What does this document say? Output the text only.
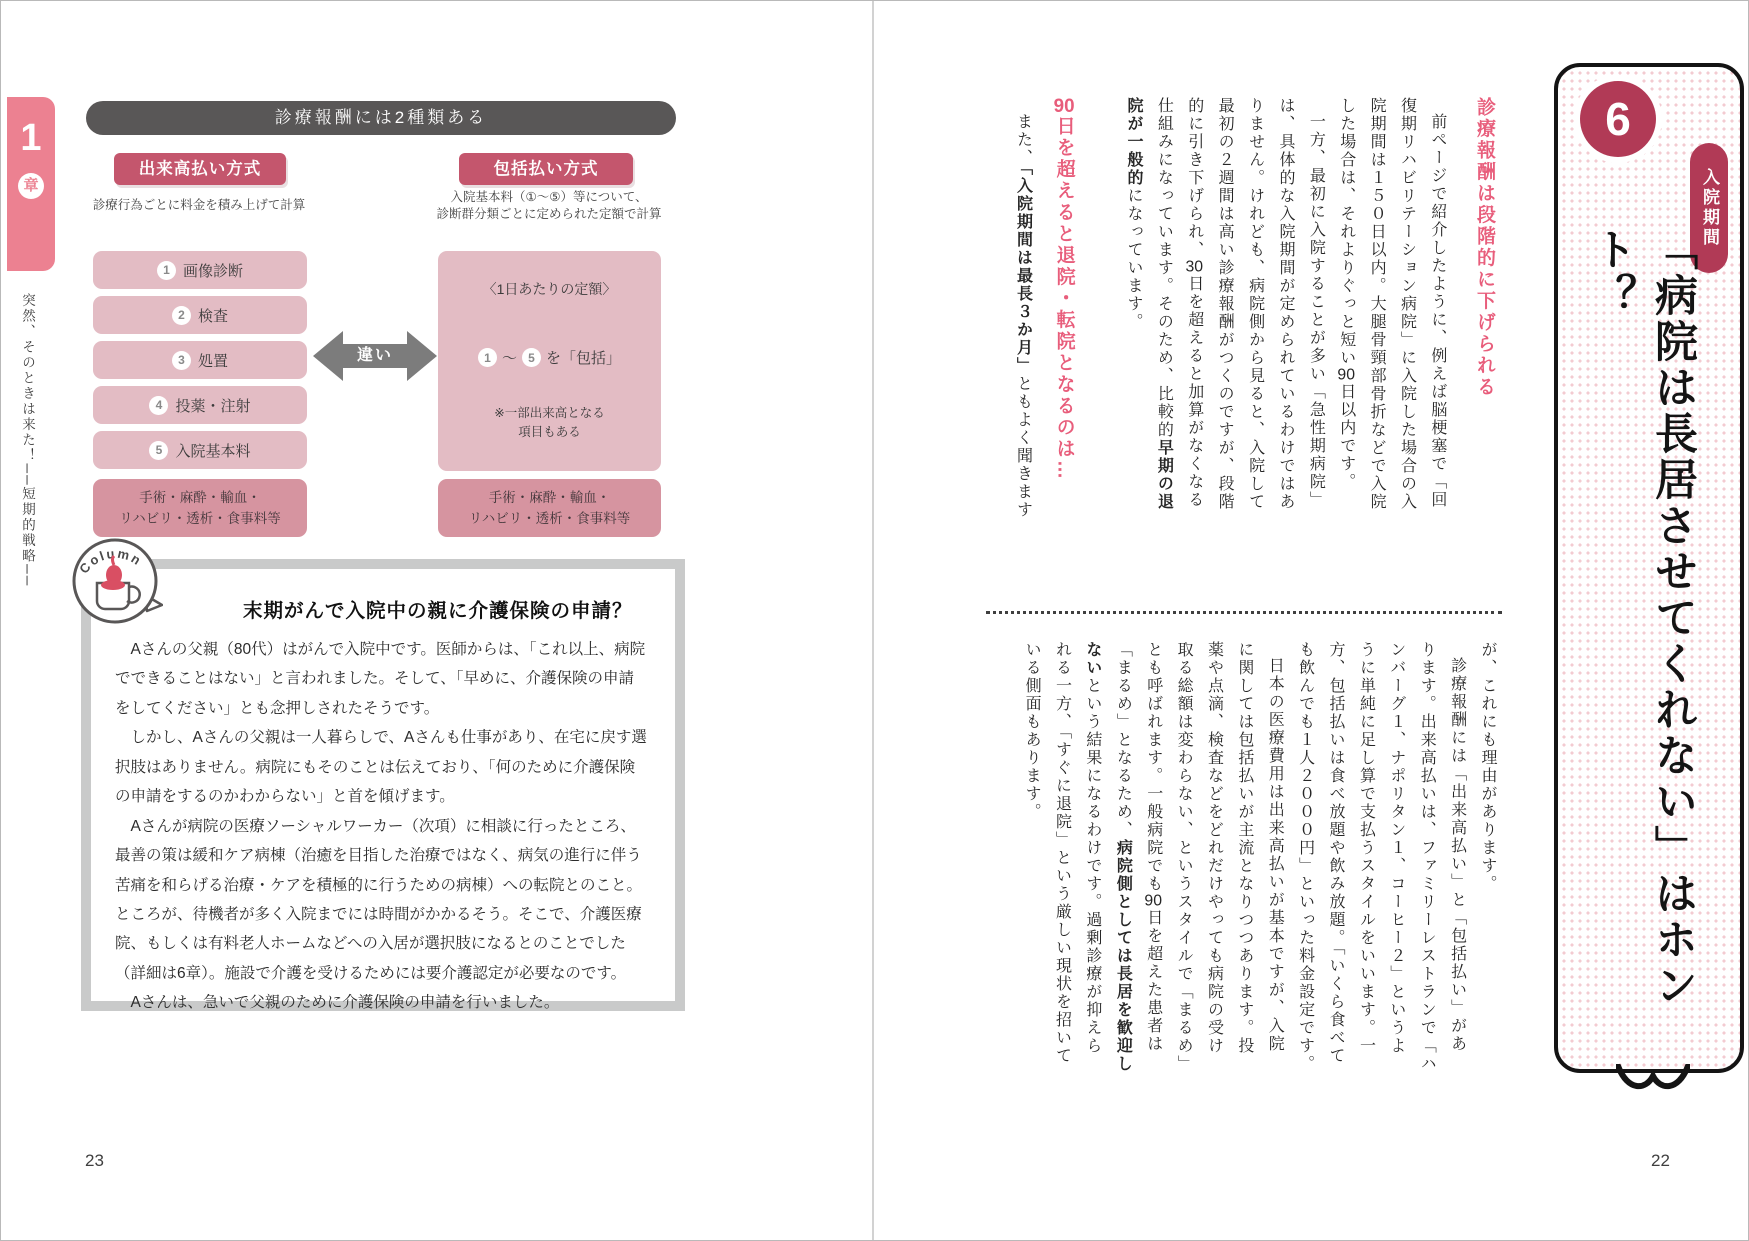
1
章
突然、そのときは来た！──短期的戦略──
診療報酬には2種類ある
出来高払い方式	包括払い方式
診療行為ごとに料金を積み上げて計算
入院基本料（①～⑤）等について、
診断群分類ごとに定められた定額で計算
1 画像診断
2 検査
3 処置
4 投薬・注射
5 入院基本料
手術・麻酔・輸血・
リハビリ・透析・食事料等
違い
〈1日あたりの定額〉
1 ～ 5 を「包括」
※一部出来高となる
項目もある
手術・麻酔・輸血・
リハビリ・透析・食事料等
末期がんで入院中の親に介護保険の申請？

Aさんの父親（80代）はがんで入院中です。医師からは、「これ以上、病院でできることはない」と言われました。そして、「早めに、介護保険の申請をしてください」とも念押しされたそうです。

しかし、Aさんの父親は一人暮らしで、Aさんも仕事があり、在宅に戻す選択肢はありません。病院にもそのことは伝えており、「何のために介護保険の申請をするのかわからない」と首を傾げます。

Aさんが病院の医療ソーシャルワーカー（次項）に相談に行ったところ、最善の策は緩和ケア病棟（治癒を目指した治療ではなく、病気の進行に伴う苦痛を和らげる治療・ケアを積極的に行うための病棟）への転院とのこと。ところが、待機者が多く入院までには時間がかかるそう。そこで、介護医療院、もしくは有料老人ホームなどへの入居が選択肢になるとのことでした（詳細は6章）。施設で介護を受けるためには要介護認定が必要なのです。

Aさんは、急いで父親のために介護保険の申請を行いました。

Column
23
6
入院期間
「病院は長居させてくれない」はホント？
診療報酬は段階的に下げられる
前ページで紹介したように、例えば脳梗塞で「回
復期リハビリテーション病院」に入院した場合の入
院期間は１５０日以内。大腿骨頸部骨折などで入院
した場合は、それよりぐっと短い90日以内です。
一方、最初に入院することが多い「急性期病院」
は、具体的な入院期間が定められているわけではあ
りません。けれども、病院側から見ると、入院して
最初の２週間は高い診療報酬がつくのですが、段階
的に引き下げられ、30日を超えると加算がなくなる
仕組みになっています。そのため、比較的早期の退
院が一般的になっています。
90日を超えると退院・転院となるのは…
また、「入院期間は最長３か月」ともよく聞きます
が、これにも理由があります。
診療報酬には「出来高払い」と「包括払い」があ
ります。出来高払いは、ファミリーレストランで「ハ
ンバーグ１、ナポリタン１、コーヒー２」というよ
うに単純に足し算で支払うスタイルをいいます。一
方、包括払いは食べ放題や飲み放題。「いくら食べて
も飲んでも１人２０００円」といった料金設定です。
日本の医療費用は出来高払いが基本ですが、入院
に関しては包括払いが主流となりつつあります。投
薬や点滴、検査などをどれだけやっても病院の受け
取る総額は変わらない、というスタイルで「まるめ」
とも呼ばれます。一般病院でも90日を超えた患者は
「まるめ」となるため、病院側としては長居を歓迎し
ないという結果になるわけです。過剰診療が抑えら
れる一方、「すぐに退院」という厳しい現状を招いて
いる側面もあります。
22
